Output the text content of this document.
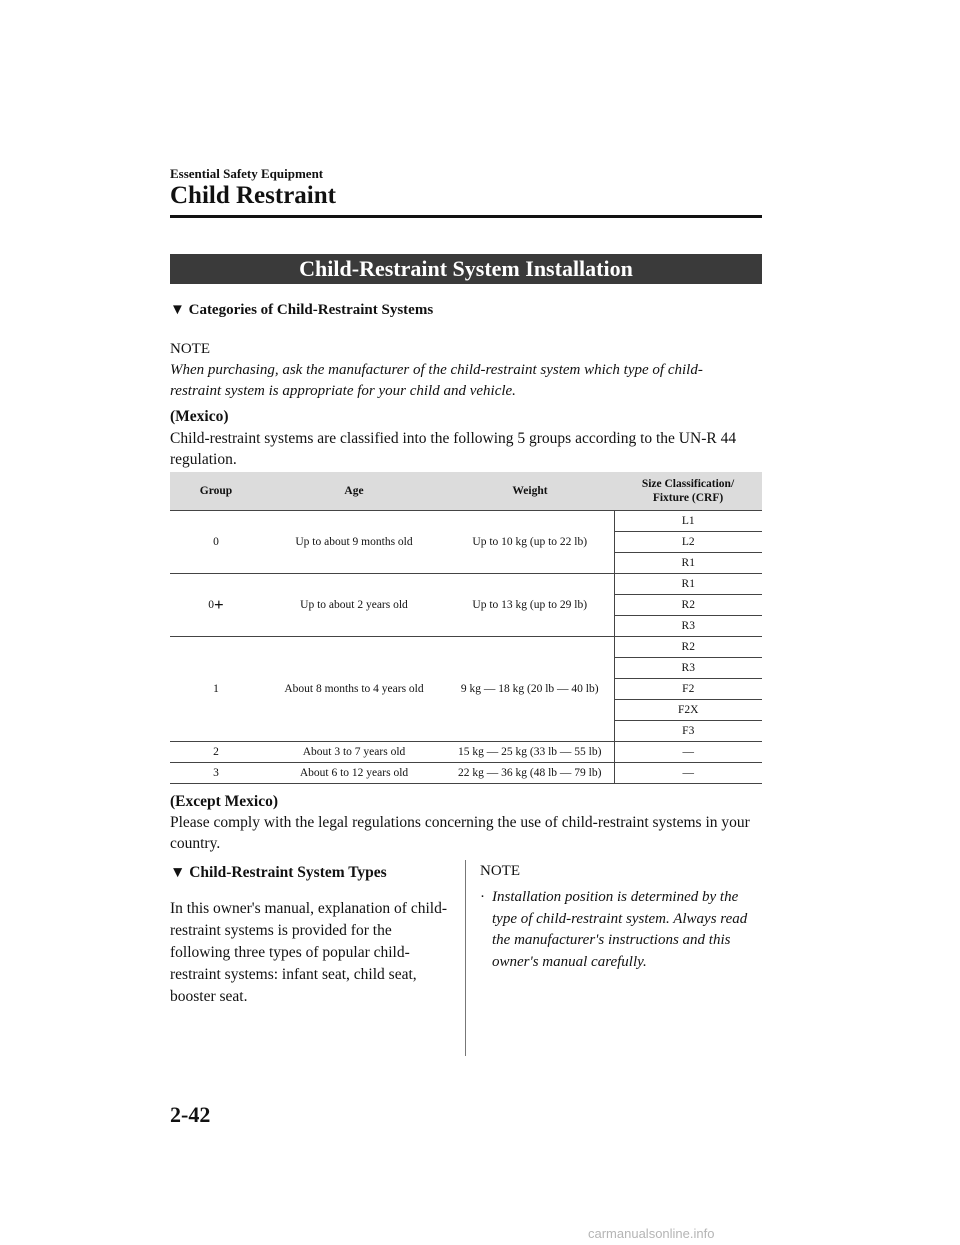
Essential Safety Equipment
Child Restraint
Child-Restraint System Installation
▼ Categories of Child-Restraint Systems
NOTE
When purchasing, ask the manufacturer of the child-restraint system which type of child-restraint system is appropriate for your child and vehicle.
(Mexico)
Child-restraint systems are classified into the following 5 groups according to the UN-R 44 regulation.
Group	Age	Weight	Size Classification/
Fixture (CRF)
0	Up to about 9 months old	Up to 10 kg (up to 22 lb)	L1
			L2
			R1
0+	Up to about 2 years old	Up to 13 kg (up to 29 lb)	R1
			R2
			R3
1	About 8 months to 4 years old	9 kg — 18 kg (20 lb — 40 lb)	R2
			R3
			F2
			F2X
			F3
2	About 3 to 7 years old	15 kg — 25 kg (33 lb — 55 lb)	—
3	About 6 to 12 years old	22 kg — 36 kg (48 lb — 79 lb)	—
(Except Mexico)
Please comply with the legal regulations concerning the use of child-restraint systems in your country.
▼ Child-Restraint System Types
In this owner's manual, explanation of child-restraint systems is provided for the following three types of popular child-restraint systems: infant seat, child seat, booster seat.
NOTE
· Installation position is determined by the type of child-restraint system. Always read the manufacturer's instructions and this owner's manual carefully.
2-42
carmanualsonline.info
